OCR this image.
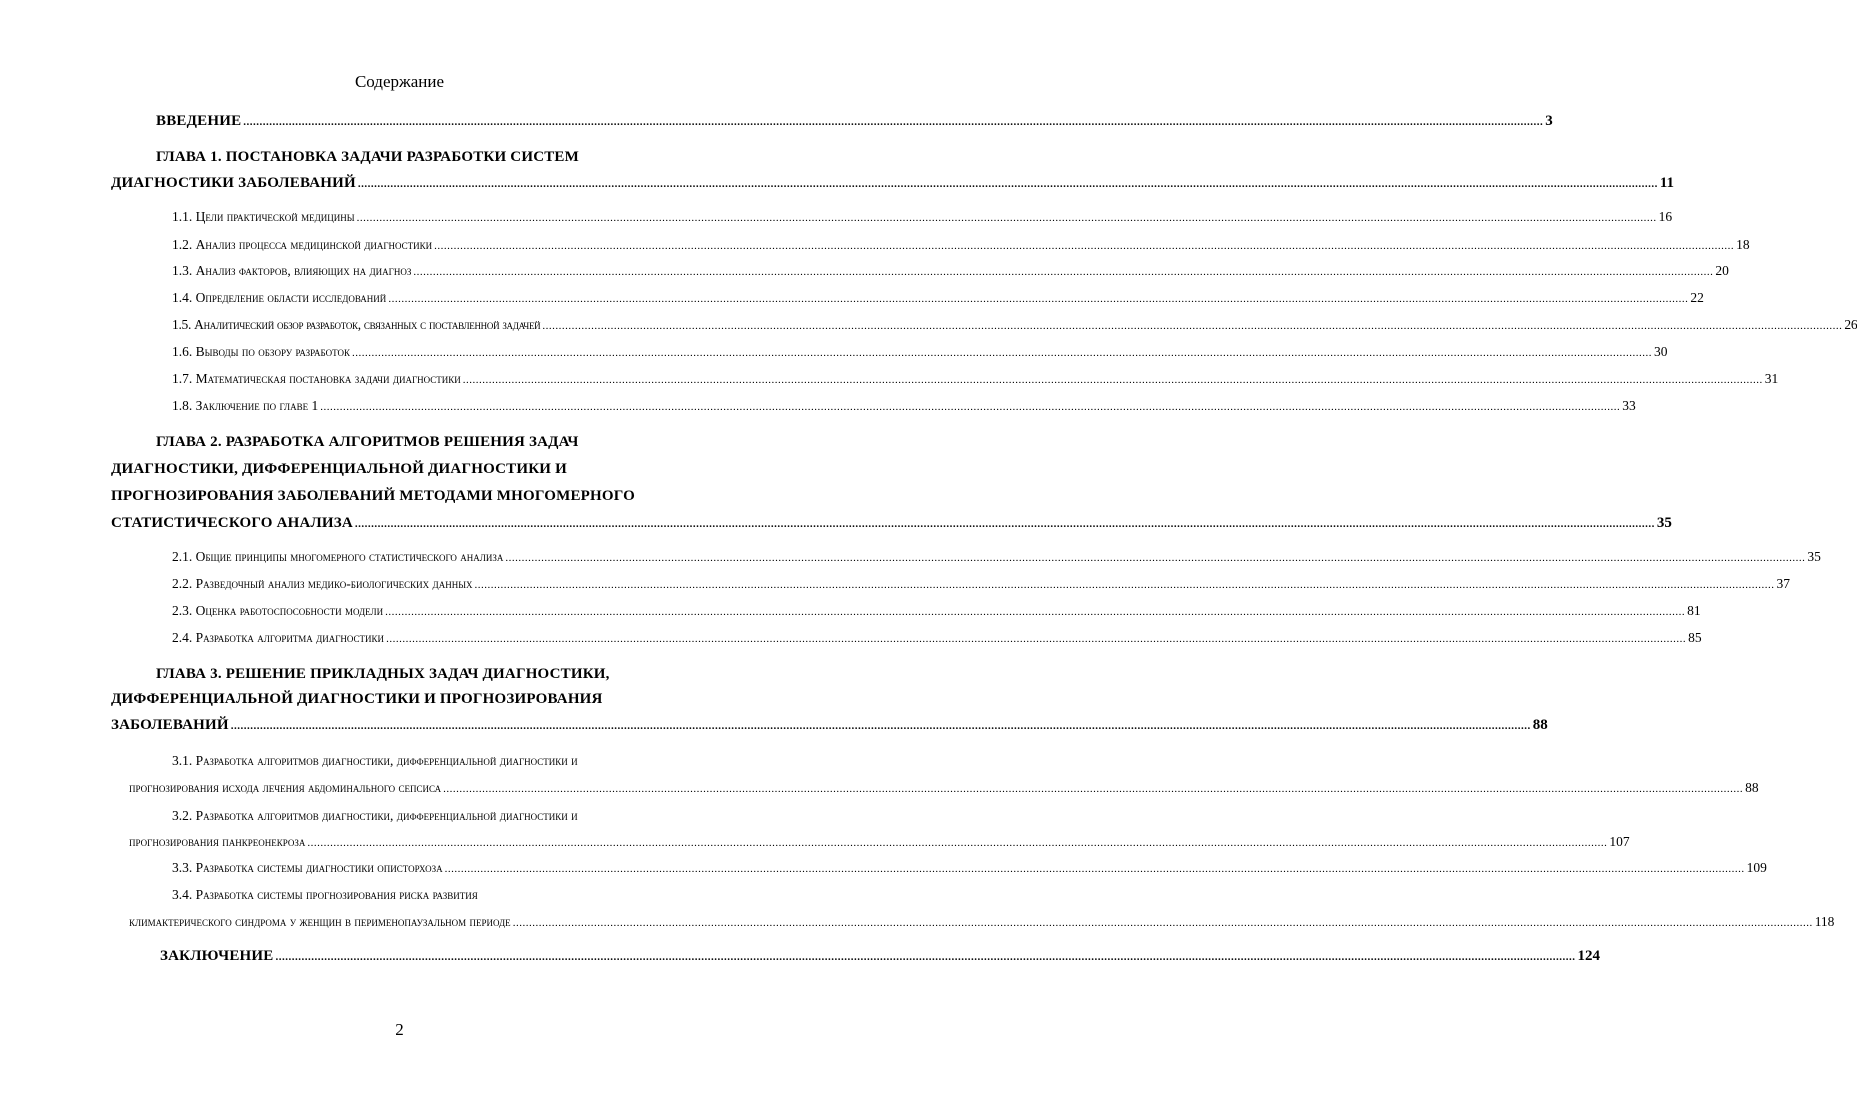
Содержание
ВВЕДЕНИЕ ................................................................................................................................................................................................................................................................................................................................................................................................................ 3
ГЛАВА 1. ПОСТАНОВКА ЗАДАЧИ РАЗРАБОТКИ СИСТЕМ
ДИАГНОСТИКИ ЗАБОЛЕВАНИЙ ................................................................................................................................................................................................................................................................................................................................................................................................................ 11
1.1. Цели практической медицины ................................................................................................................................................................................................................................................................................................................................................................................................................ 16
1.2. Анализ процесса медицинской диагностики ................................................................................................................................................................................................................................................................................................................................................................................................................ 18
1.3. Анализ факторов, влияющих на диагноз ................................................................................................................................................................................................................................................................................................................................................................................................................ 20
1.4. Определение области исследований ................................................................................................................................................................................................................................................................................................................................................................................................................ 22
1.5. Аналитический обзор разработок, связанных с поставленной задачей ................................................................................................................................................................................................................................................................................................................................................................................................................ 26
1.6. Выводы по обзору разработок ................................................................................................................................................................................................................................................................................................................................................................................................................ 30
1.7. Математическая постановка задачи диагностики ................................................................................................................................................................................................................................................................................................................................................................................................................ 31
1.8. Заключение по главе 1 ................................................................................................................................................................................................................................................................................................................................................................................................................ 33
ГЛАВА 2. РАЗРАБОТКА АЛГОРИТМОВ РЕШЕНИЯ ЗАДАЧ
ДИАГНОСТИКИ, ДИФФЕРЕНЦИАЛЬНОЙ ДИАГНОСТИКИ И
ПРОГНОЗИРОВАНИЯ ЗАБОЛЕВАНИЙ МЕТОДАМИ МНОГОМЕРНОГО
СТАТИСТИЧЕСКОГО АНАЛИЗА ................................................................................................................................................................................................................................................................................................................................................................................................................ 35
2.1. Общие принципы многомерного статистического анализа ................................................................................................................................................................................................................................................................................................................................................................................................................ 35
2.2. Разведочный анализ медико-биологических данных ................................................................................................................................................................................................................................................................................................................................................................................................................ 37
2.3. Оценка работоспособности модели ................................................................................................................................................................................................................................................................................................................................................................................................................ 81
2.4. Разработка алгоритма диагностики ................................................................................................................................................................................................................................................................................................................................................................................................................ 85
ГЛАВА 3. РЕШЕНИЕ ПРИКЛАДНЫХ ЗАДАЧ ДИАГНОСТИКИ,
ДИФФЕРЕНЦИАЛЬНОЙ ДИАГНОСТИКИ И ПРОГНОЗИРОВАНИЯ
ЗАБОЛЕВАНИЙ ................................................................................................................................................................................................................................................................................................................................................................................................................ 88
3.1. Разработка алгоритмов диагностики, дифференциальной диагностики и
прогнозирования исхода лечения абдоминального сепсиса ................................................................................................................................................................................................................................................................................................................................................................................................................ 88
3.2. Разработка алгоритмов диагностики, дифференциальной диагностики и
прогнозирования панкреонекроза ................................................................................................................................................................................................................................................................................................................................................................................................................ 107
3.3. Разработка системы диагностики описторхоза ................................................................................................................................................................................................................................................................................................................................................................................................................ 109
3.4. Разработка системы прогнозирования риска развития
климактерического синдрома у женщин в перименопаузальном периоде ................................................................................................................................................................................................................................................................................................................................................................................................................ 118
ЗАКЛЮЧЕНИЕ ................................................................................................................................................................................................................................................................................................................................................................................................................ 124
2
